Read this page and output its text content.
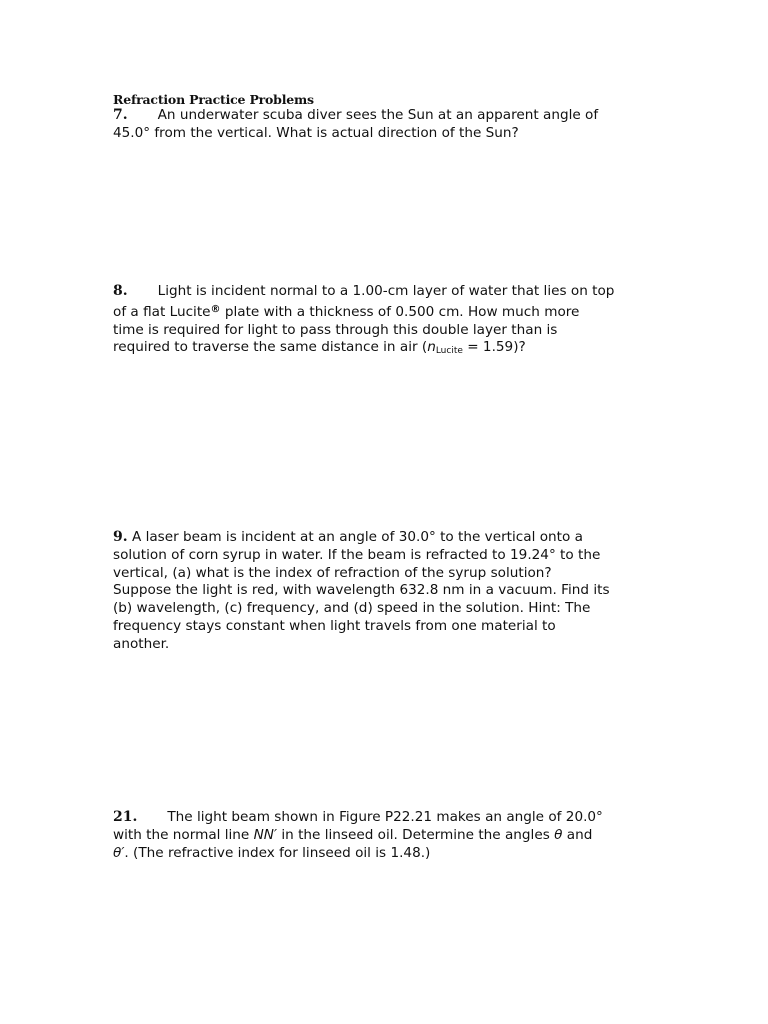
Refraction Practice Problems
7. An underwater scuba diver sees the Sun at an apparent angle of
45.0° from the vertical. What is actual direction of the Sun?
8. Light is incident normal to a 1.00-cm layer of water that lies on top
of a flat Lucite® plate with a thickness of 0.500 cm. How much more
time is required for light to pass through this double layer than is
required to traverse the same distance in air $(n_{Lucite} = 1.59)$?
9. A laser beam is incident at an angle of 30.0° to the vertical onto a
solution of corn syrup in water. If the beam is refracted to 19.24° to the
vertical, (a) what is the index of refraction of the syrup solution?
Suppose the light is red, with wavelength 632.8 nm in a vacuum. Find its
(b) wavelength, (c) frequency, and (d) speed in the solution. Hint: The
frequency stays constant when light travels from one material to
another.
21. The light beam shown in Figure P22.21 makes an angle of 20.0°
with the normal line NN′ in the linseed oil. Determine the angles θ and
θ′. (The refractive index for linseed oil is 1.48.)
